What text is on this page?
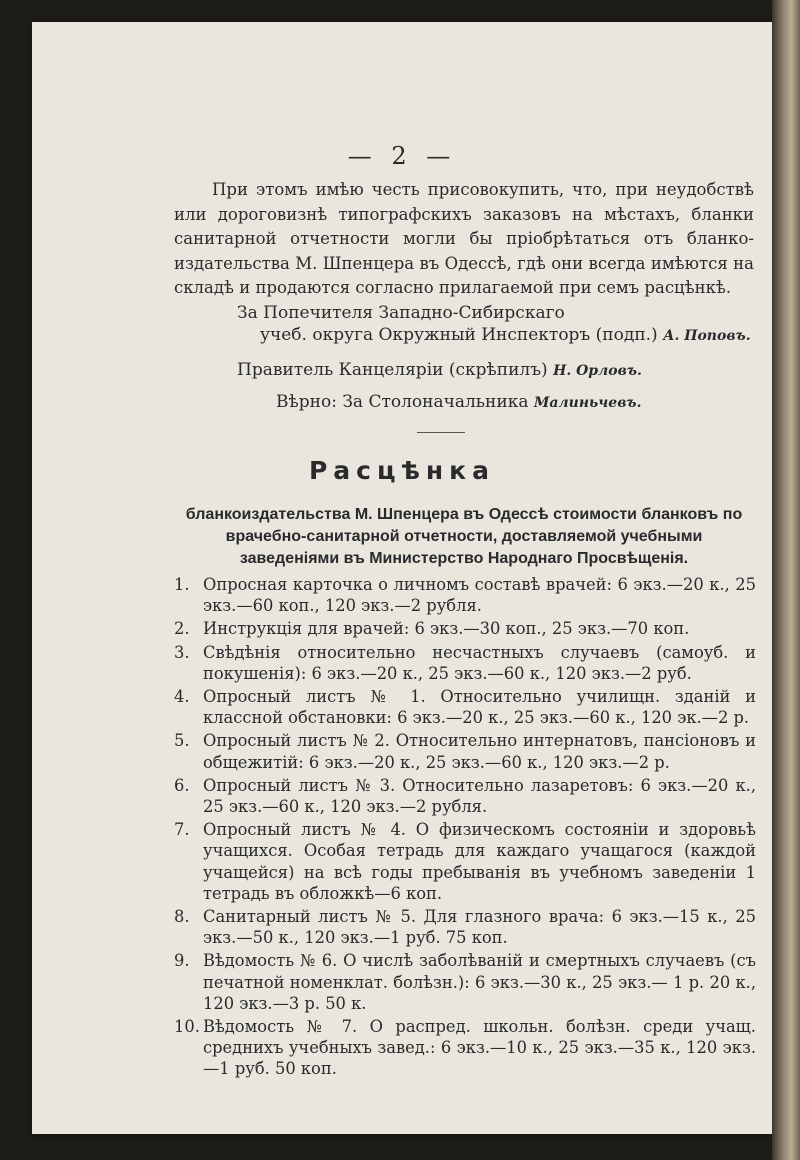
— 2 —
При этомъ имѣю честь присовокупить, что, при неудобствѣ или дороговизнѣ типографскихъ заказовъ на мѣстахъ, бланки санитарной отчетности могли бы пріобрѣтаться отъ бланко-издательства М. Шпенцера въ Одессѣ, гдѣ они всегда имѣются на складѣ и продаются согласно прилагаемой при семъ расцѣнкѣ.
За Попечителя Западно-Сибирскаго
учеб. округа Окружный Инспекторъ (подп.) А. Поповъ.
Правитель Канцеляріи (скрѣпилъ) Н. Орловъ.
Вѣрно: За Столоначальника Малиньчевъ.
Расцѣнка
бланкоиздательства М. Шпенцера въ Одессѣ стоимости бланковъ по врачебно-санитарной отчетности, доставляемой учебными заведеніями въ Министерство Народнаго Просвѣщенія.
1. Опросная карточка о личномъ составѣ врачей: 6 экз.—20 к., 25 экз.—60 коп., 120 экз.—2 рубля.
2. Инструкція для врачей: 6 экз.—30 коп., 25 экз.—70 коп.
3. Свѣдѣнія относительно несчастныхъ случаевъ (самоуб. и покушенія): 6 экз.—20 к., 25 экз.—60 к., 120 экз.—2 руб.
4. Опросный листъ № 1. Относительно училищн. зданій и классной обстановки: 6 экз.—20 к., 25 экз.—60 к., 120 эк.—2 р.
5. Опросный листъ № 2. Относительно интернатовъ, пансіоновъ и общежитій: 6 экз.—20 к., 25 экз.—60 к., 120 экз.—2 р.
6. Опросный листъ № 3. Относительно лазаретовъ: 6 экз.—20 к., 25 экз.—60 к., 120 экз.—2 рубля.
7. Опросный листъ № 4. О физическомъ состояніи и здоровьѣ учащихся. Особая тетрадь для каждаго учащагося (каждой учащейся) на всѣ годы пребыванія въ учебномъ заведеніи 1 тетрадь въ обложкѣ—6 коп.
8. Санитарный листъ № 5. Для глазного врача: 6 экз.—15 к., 25 экз.—50 к., 120 экз.—1 руб. 75 коп.
9. Вѣдомость № 6. О числѣ заболѣваній и смертныхъ случаевъ (съ печатной номенклат. болѣзн.): 6 экз.—30 к., 25 экз.— 1 р. 20 к., 120 экз.—3 р. 50 к.
10. Вѣдомость № 7. О распред. школьн. болѣзн. среди учащ. среднихъ учебныхъ завед.: 6 экз.—10 к., 25 экз.—35 к., 120 экз.—1 руб. 50 коп.
